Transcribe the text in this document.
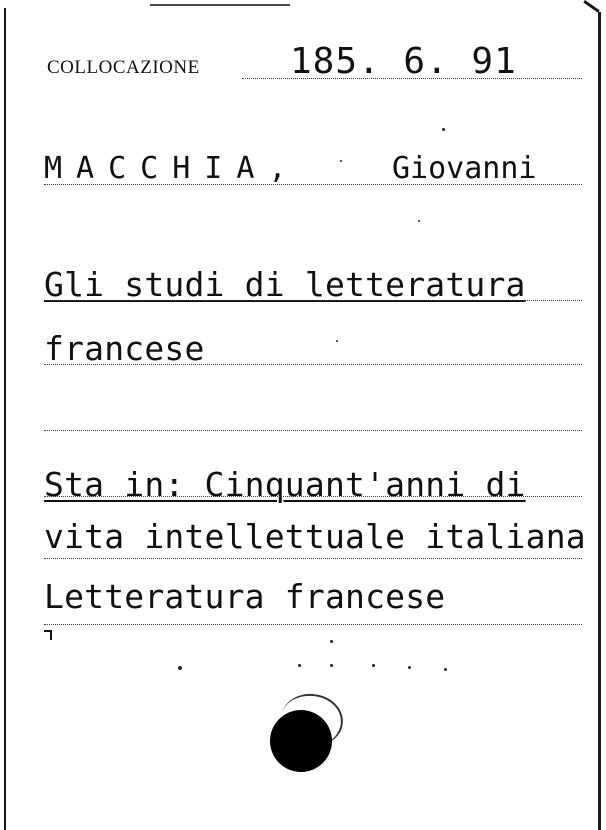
COLLOCAZIONE	185. 6. 91
MACCHIA,	Giovanni
Gli studi di letteratura
francese
Sta in: Cinquant'anni di
vita intellettuale italiana
Letteratura francese
